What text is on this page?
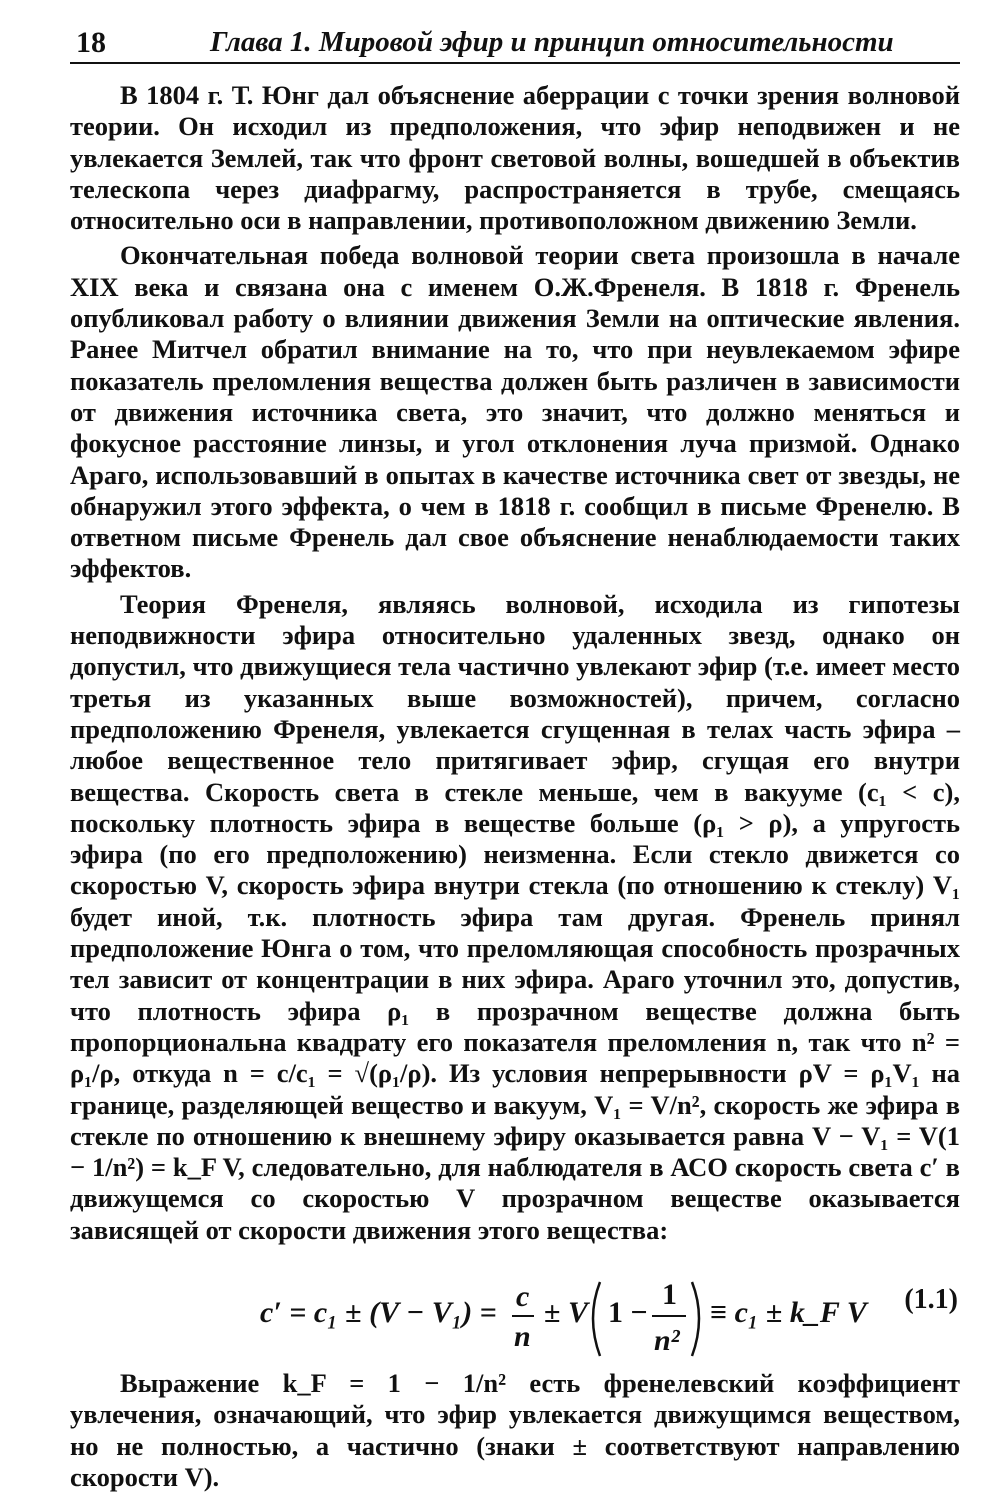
18	Глава 1. Мировой эфир и принцип относительности

В 1804 г. Т. Юнг дал объяснение аберрации с точки зрения волновой теории. Он исходил из предположения, что эфир неподвижен и не увлекается Землей, так что фронт световой волны, вошедшей в объектив телескопа через диафрагму, распространяется в трубе, смещаясь относительно оси в направлении, противоположном движению Земли.

Окончательная победа волновой теории света произошла в начале XIX века и связана она с именем О.Ж.Френеля. В 1818 г. Френель опубликовал работу о влиянии движения Земли на оптические явления. Ранее Митчел обратил внимание на то, что при неувлекаемом эфире показатель преломления вещества должен быть различен в зависимости от движения источника света, это значит, что должно меняться и фокусное расстояние линзы, и угол отклонения луча призмой. Однако Араго, использовавший в опытах в качестве источника свет от звезды, не обнаружил этого эффекта, о чем в 1818 г. сообщил в письме Френелю. В ответном письме Френель дал свое объяснение ненаблюдаемости таких эффектов.

Теория Френеля, являясь волновой, исходила из гипотезы неподвижности эфира относительно удаленных звезд, однако он допустил, что движущиеся тела частично увлекают эфир (т.е. имеет место третья из указанных выше возможностей), причем, согласно предположению Френеля, увлекается сгущенная в телах часть эфира – любое вещественное тело притягивает эфир, сгущая его внутри вещества. Скорость света в стекле меньше, чем в вакууме (c₁ < c), поскольку плотность эфира в веществе больше (ρ₁ > ρ), а упругость эфира (по его предположению) неизменна. Если стекло движется со скоростью V, скорость эфира внутри стекла (по отношению к стеклу) V₁ будет иной, т.к. плотность эфира там другая. Френель принял предположение Юнга о том, что преломляющая способность прозрачных тел зависит от концентрации в них эфира. Араго уточнил это, допустив, что плотность эфира ρ₁ в прозрачном веществе должна быть пропорциональна квадрату его показателя преломления n, так что n² = ρ₁/ρ, откуда n = c/c₁ = √(ρ₁/ρ). Из условия непрерывности ρV = ρ₁V₁ на границе, разделяющей вещество и вакуум, V₁ = V/n², скорость же эфира в стекле по отношению к внешнему эфиру оказывается равна V − V₁ = V(1 − 1/n²) = k_F V, следовательно, для наблюдателя в АСО скорость света c′ в движущемся со скоростью V прозрачном веществе оказывается зависящей от скорости движения этого вещества:

c′ = c₁ ± (V − V₁) = c
n
± V 1 −
1
n²
≡ c₁ ± k_F V (1.1)

Выражение k_F = 1 − 1/n² есть френелевский коэффициент увлечения, означающий, что эфир увлекается движущимся веществом, но не полностью, а частично (знаки ± соответствуют направлению скорости V).
